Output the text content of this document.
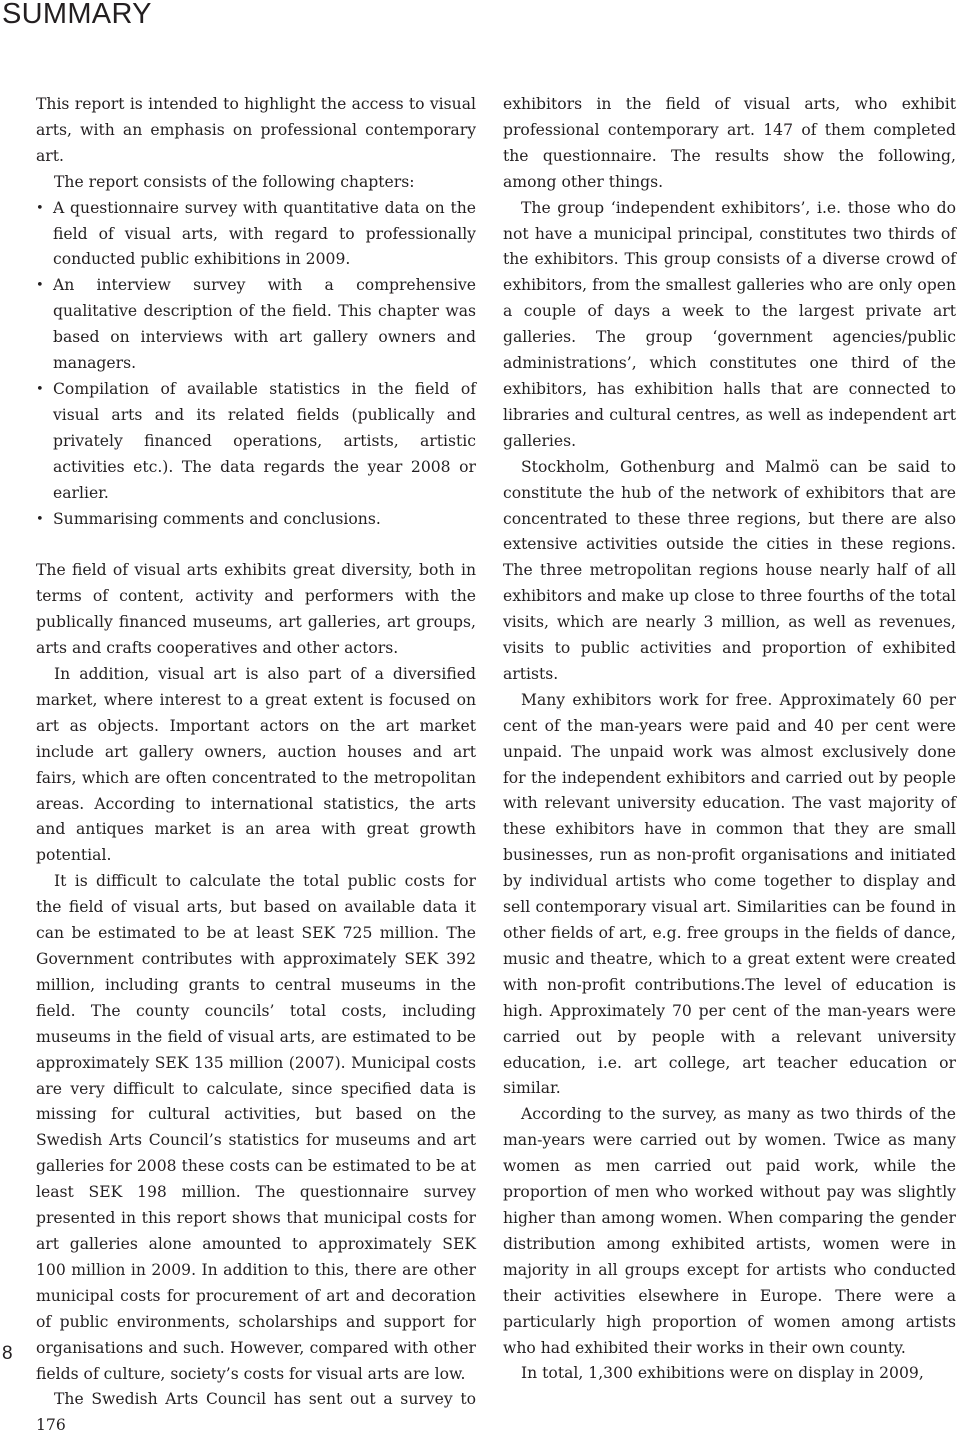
SUMMARY

This report is intended to highlight the access to visual arts, with an emphasis on professional contemporary art.

The report consists of the following chapters:

• A questionnaire survey with quantitative data on the field of visual arts, with regard to professionally conducted public exhibitions in 2009.
• An interview survey with a comprehensive qualitative description of the field. This chapter was based on interviews with art gallery owners and managers.
• Compilation of available statistics in the field of visual arts and its related fields (publically and privately financed operations, artists, artistic activities etc.). The data regards the year 2008 or earlier.
• Summarising comments and conclusions.

The field of visual arts exhibits great diversity, both in terms of content, activity and performers with the publically financed museums, art galleries, art groups, arts and crafts cooperatives and other actors.

In addition, visual art is also part of a diversified market, where interest to a great extent is focused on art as objects. Important actors on the art market include art gallery owners, auction houses and art fairs, which are often concentrated to the metropolitan areas. According to international statistics, the arts and antiques market is an area with great growth potential.

It is difficult to calculate the total public costs for the field of visual arts, but based on available data it can be estimated to be at least SEK 725 million. The Government contributes with approximately SEK 392 million, including grants to central museums in the field. The county councils’ total costs, including museums in the field of visual arts, are estimated to be approximately SEK 135 million (2007). Municipal costs are very difficult to calculate, since specified data is missing for cultural activities, but based on the Swedish Arts Council’s statistics for museums and art galleries for 2008 these costs can be estimated to be at least SEK 198 million. The questionnaire survey presented in this report shows that municipal costs for art galleries alone amounted to approximately SEK 100 million in 2009. In addition to this, there are other municipal costs for procurement of art and decoration of public environments, scholarships and support for organisations and such. However, compared with other fields of culture, society’s costs for visual arts are low.

The Swedish Arts Council has sent out a survey to 176

exhibitors in the field of visual arts, who exhibit professional contemporary art. 147 of them completed the questionnaire. The results show the following, among other things.

The group ‘independent exhibitors’, i.e. those who do not have a municipal principal, constitutes two thirds of the exhibitors. This group consists of a diverse crowd of exhibitors, from the smallest galleries who are only open a couple of days a week to the largest private art galleries. The group ‘government agencies/public administrations’, which constitutes one third of the exhibitors, has exhibition halls that are connected to libraries and cultural centres, as well as independent art galleries.

Stockholm, Gothenburg and Malmö can be said to constitute the hub of the network of exhibitors that are concentrated to these three regions, but there are also extensive activities outside the cities in these regions. The three metropolitan regions house nearly half of all exhibitors and make up close to three fourths of the total visits, which are nearly 3 million, as well as revenues, visits to public activities and proportion of exhibited artists.

Many exhibitors work for free. Approximately 60 per cent of the man-years were paid and 40 per cent were unpaid. The unpaid work was almost exclusively done for the independent exhibitors and carried out by people with relevant university education. The vast majority of these exhibitors have in common that they are small businesses, run as non-profit organisations and initiated by individual artists who come together to display and sell contemporary visual art. Similarities can be found in other fields of art, e.g. free groups in the fields of dance, music and theatre, which to a great extent were created with non-profit contributions.The level of education is high. Approximately 70 per cent of the man-years were carried out by people with a relevant university education, i.e. art college, art teacher education or similar.

According to the survey, as many as two thirds of the man-years were carried out by women. Twice as many women as men carried out paid work, while the proportion of men who worked without pay was slightly higher than among women. When comparing the gender distribution among exhibited artists, women were in majority in all groups except for artists who conducted their activities elsewhere in Europe. There were a particularly high proportion of women among artists who had exhibited their works in their own county.

In total, 1,300 exhibitions were on display in 2009,

8
